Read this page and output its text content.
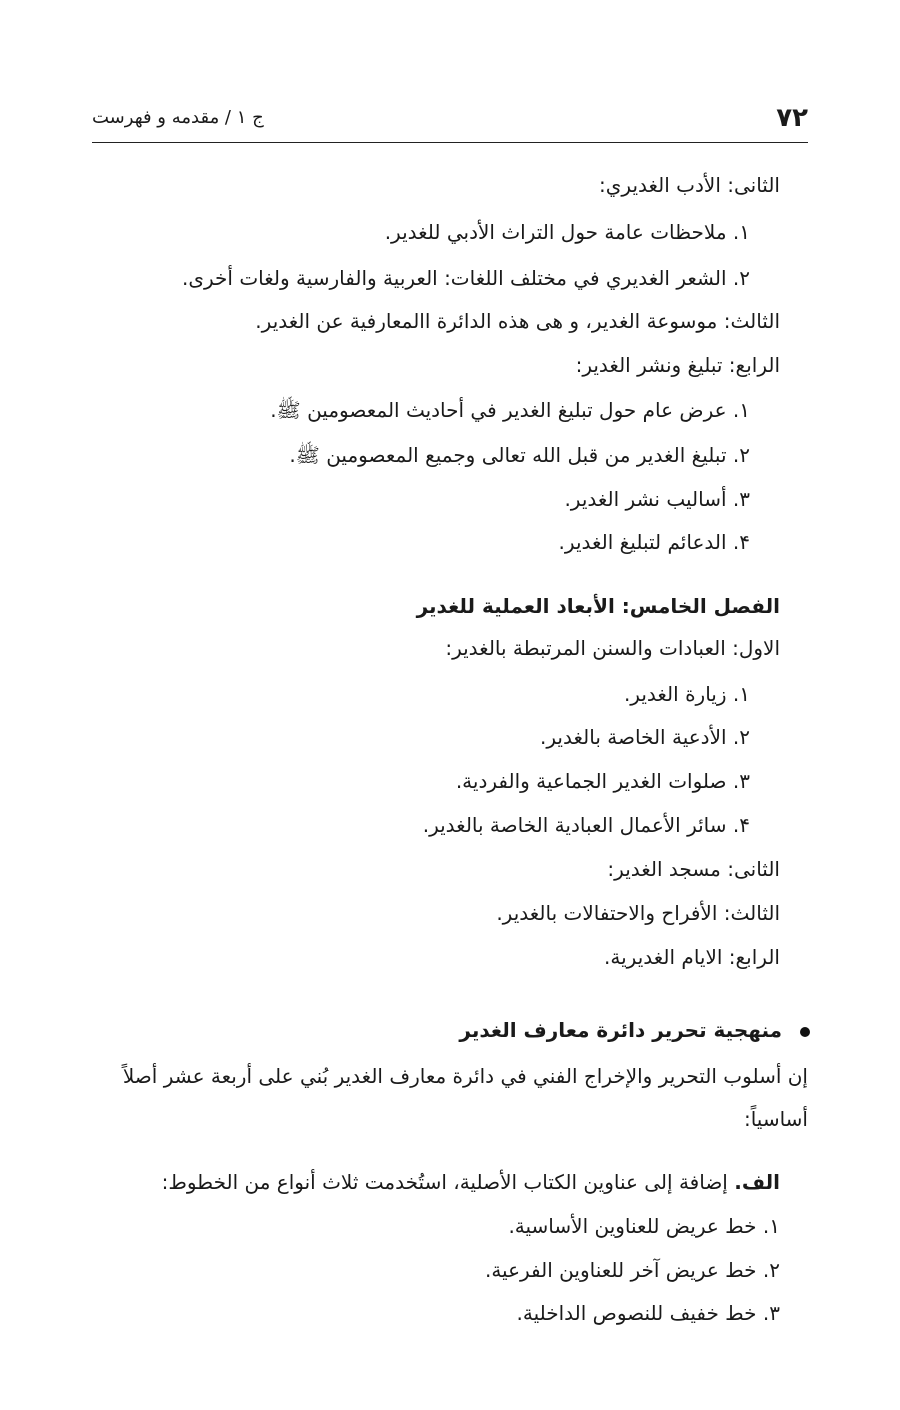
۷۲
ج ۱ / مقدمه و فهرست
الثانی: الأدب الغديري:
۱. ملاحظات عامة حول التراث الأدبي للغدير.
۲. الشعر الغديري في مختلف اللغات: العربية والفارسية ولغات أخرى.
الثالث: موسوعة الغدير، و هی هذه الدائرة االمعارفية عن الغدير.
الرابع: تبليغ ونشر الغدير:
۱. عرض عام حول تبليغ الغدير في أحاديث المعصومين ﷺ.
۲. تبليغ الغدير من قبل الله تعالى وجميع المعصومين ﷺ.
۳. أساليب نشر الغدير.
۴. الدعائم لتبليغ الغدير.
الفصل الخامس: الأبعاد العملية للغدير
الاول: العبادات والسنن المرتبطة بالغدير:
۱. زيارة الغدير.
۲. الأدعية الخاصة بالغدير.
۳. صلوات الغدير الجماعية والفردية.
۴. سائر الأعمال العبادية الخاصة بالغدير.
الثانی: مسجد الغدير:
الثالث: الأفراح والاحتفالات بالغدير.
الرابع: الايام الغديرية.
منهجية تحرير دائرة معارف الغدير
إن أسلوب التحرير والإخراج الفني في دائرة معارف الغدير بُني على أربعة عشر أصلاً
أساسياً:
الف. إضافة إلى عناوين الكتاب الأصلية، استُخدمت ثلاث أنواع من الخطوط:
۱. خط عريض للعناوين الأساسية.
۲. خط عريض آخر للعناوين الفرعية.
۳. خط خفيف للنصوص الداخلية.
